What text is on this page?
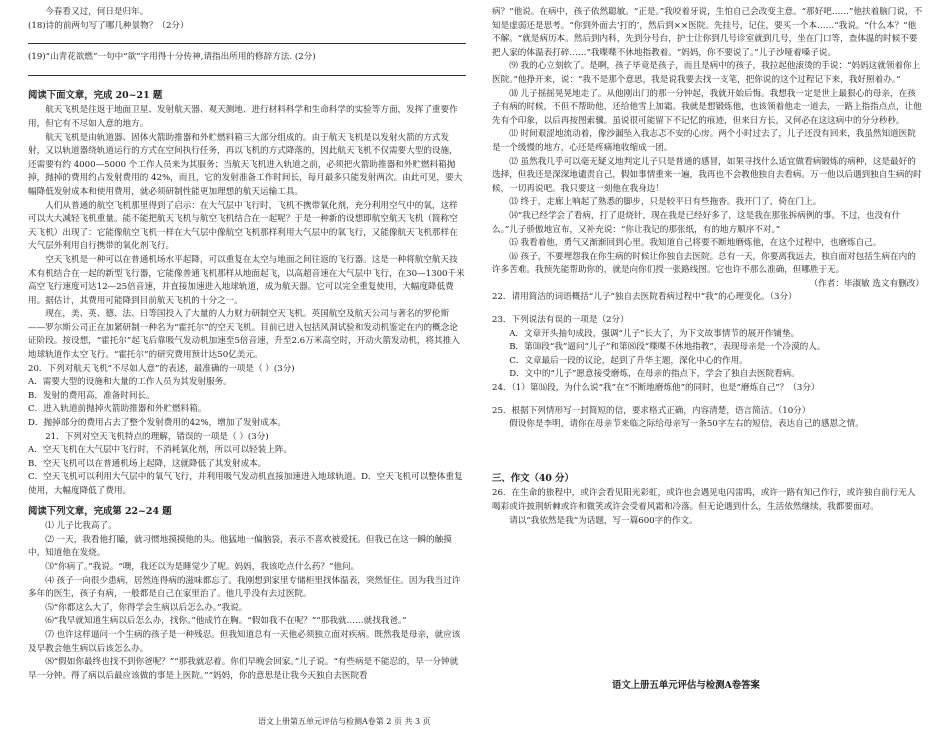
今春看又过，何日是归年。

(18)诗的前两句写了哪几种景物？（2分）

(19)“山青花欲燃”一句中“欲”字用得十分传神,请指出所用的修辞方法. (2分)

阅读下面文章，完成 20~21 题

航天飞机是往返于地面卫星、发射航天器、观天测地、进行材料科学和生命科学的实验等方面，发挥了重要作用，但它有不尽如人意的地方。

航天飞机是由轨道器、固体火箭助推器和外贮燃料箱三大部分组成的。由于航天飞机是以发射火箭的方式发射，又以轨道器绕轨道运行的方式在空间执行任务，再以飞机的方式降落的，因此航天飞机不仅需要大型的设施，还需要有约 4000—5000 个工作人员来为其服务；当航天飞机进入轨道之前，必须把火箭助推器和外贮燃料箱抛掉，抛掉的费用约占发射费用的 42%，而且，它的发射准备工作时间长，每月最多只能发射两次。由此可见，要大幅降低发射成本和使用费用，就必须研制性能更加理想的航天运输工具。

人们从普通的航空飞机那里得到了启示：在大气层中飞行时，飞机不携带氧化剂，充分利用空气中的氧，这样可以大大减轻飞机重量。能不能把航天飞机与航空飞机结合在一起呢？于是一种新的设想即航空航天飞机（简称空天飞机）出现了：它能像航空飞机一样在大气层中像航空飞机那样利用大气层中的氧飞行，又能像航天飞机那样在大气层外利用自行携带的氧化剂飞行。

空天飞机是一种可以在普通机场水平起降，可以重复在太空与地面之间往返的飞行器。这是一种将航空航天技术有机结合在一起的新型飞行器，它能像普通飞机那样从地面起飞，以高超音速在大气层中飞行，在30—1300千米高空飞行速度可达12—25倍音速，并直接加速进入地球轨道，成为航天器。它可以完全重复使用，大幅度降低费用。据估计，其费用可能降到目前航天飞机的十分之一。

现在，美、英、德、法、日等国投入了大量的人力财力研制空天飞机。英国航空及航天公司与著名的罗伦斯——罗尔斯公司正在加紧研制一种名为“霍托尔”的空天飞机。目前已进入包括风洞试验和发动机鉴定在内的概念论证阶段。按设想，“霍托尔”起飞后靠吸气发动机加速至5倍音速，升至2.6万米高空时，开动火箭发动机，将其推入地球轨道作太空飞行。“霍托尔”的研究费用预计达50亿美元。

20．下列对航天飞机“不尽如人意”的表述，最准确的一项是（ ）(3分)

A．需要大型的设施和大量的工作人员为其发射服务。

B．发射的费用高，准备时间长。

C．进入轨道前抛掉火箭助推器和外贮燃料箱。

D．抛掉部分的费用占去了整个发射费用的42%，增加了发射成本。

21．下列对空天飞机特点的理解，错误的一项是（ ）(3分)

A．空天飞机在大气层中飞行时，不消耗氧化剂，所以可以轻装上阵。

B．空天飞机可以在普通机场上起降，这就降低了其发射成本。

C．空天飞机可以利用大气层中的氧气飞行，并利用吸气发动机直接加速进入地球轨道。D．空天飞机可以整体重复使用，大幅度降低了费用。

阅读下列文章，完成第 22~24 题

⑴ 儿子比我高了。

⑵ 一天，我看他打瞌，就习惯地摸摸他的头。他猛地一偏脑袋，表示不喜欢被爱抚。但我已在这一瞬的触摸中，知道他在发烧。

⑶“你病了。”我说。“噢，我还以为是睡觉少了呢。妈妈，我该吃点什么药？”他问。

⑷ 孩子一向很少患病，居然连得病的滋味都忘了。我刚想到家里专储柜里找体温表，突然怔住。因为我当过许多年的医生，孩子有病，一般都是自己在家里治了。他几乎没有去过医院。

⑸“你都这么大了，你得学会生病以后怎么办。”我说。

⑹“我早就知道生病以后怎么办，找你。”他成竹在胸。“假如我不在呢？”“那我就……就找我爸。”

⑺ 也许这样逼问一个生病的孩子是一种残忍。但我知道总有一天他必须独立面对疾病。既然我是母亲，就应该及早教会他生病以后该怎么办。

⑻“假如你最终也找不到你爸呢？”“那我就忍着。你们早晚会回家。”儿子说。“有些病是不能忍的，早一分钟就早一分钟。得了病以后最应该做的事是上医院。”“妈妈，你的意思是让我今天独自去医院看

病？”他说。在病中，孩子依然聪敏。“正是。”我咬着牙说，生怕自己会改变主意。“那好吧……”他扶着脑门说，不知是虚弱还是思考。“你到外面去‘打的’，然后到××医院。先挂号，记住，要买一个本……”我说。“什么本？”他不解。“就是病历本。然后到内科，先到分号台，护士让你到几号诊室就到几号，坐在门口等，查体温的时候不要把人家的体温表打碎……”我喋喋不休地指教着。“妈妈，你不要说了。”儿子沙哑着嗓子说。

⑼ 我的心立刻软了。是啊，孩子毕竟是孩子，而且是病中的孩子，我拉起他滚烫的手说：“妈妈这就领着你上医院。”他挣开来，说：“我不是那个意思，我是说我要去找一支笔，把你说的这个过程记下来，我好照着办。”

⑽ 儿子摇摇晃晃地走了。从他刚出门的那一分钟起，我就开始后悔。我想我一定是世上最狠心的母亲，在孩子有病的时候，不但不帮助他，还给他雪上加霜。我就是想锻炼他，也该领着他走一道去，一路上指指点点，让他先有个印象，以后再按图索骥。虽说很可能留下不记忆的痕迹，但来日方长，又何必在这这病中的分分秒秒。

⑾ 时间艰涩地流动着，像沙漏坠入我志忑不安的心房。两个小时过去了，儿子还没有回来，我虽然知道医院是一个缓慢的地方，心还是疼痛地收缩成一团。

⑿ 虽然我几乎可以毫无疑义地判定儿子只是普通的感冒，如果寻找什么适宜做看病锻炼的病种，这是最好的选择，但我还是深深地谴责自己，假如事情重来一遍，我再也不会教他独自去看病。万一他以后遇到独自生病的时候，一切再说吧。我只要这一刻他在我身边！

⒀ 终于，走廊上响起了熟悉的脚步，只是较平日有些拖沓。我开门了，倚在门上。

⒁“我已经学会了看病，打了退烧针，现在我是已经好多了，这是我在那张拆病例的事。不过，也没有什么。”儿子骄傲地宣布，又补充说：“你让我记的那张纸，有的地方顺序不对。”

⒂ 我看着他，勇气又渐渐回到心里。我知道自己将要不断地磨炼他，在这个过程中，也磨炼自己。

⒃ 孩子，不要埋怨我在你生病的时候让你独自去医院。总有一天，你要离我远去，独自面对包括生病在内的许多苦难。我预先能帮助你的，就是向你们授一张路线图。它也许不那么准确，但哪胜于无。

（作者：毕淑敏 选文有删改）

22．请用简洁的词语概括“儿子”独自去医院看病过程中“我”的心理变化。（3分）

23．下列说法有误的一项是（2分）

A．文章开头抽句成段，强调“儿子”长大了，为下文故事情节的展开作铺垫。

B．第⑽段“我”逼问“儿子”和第⑻段“喋喋不休地指教”，表现母亲是一个冷漠的人。

C．文章最后一段的议论，起到了升华主题，深化中心的作用。

D．文中的“儿子”愿意接受磨炼，在母亲的指点下，学会了独自去医院看病。

24．（1）第⒃段，为什么说“我”在“不断地磨炼他”的同时，也是“磨炼自己”？（3分）

25．根据下列情形写一封简短的信，要求格式正确，内容清楚，语言简洁。（10分）

假设你是李明，请你在母亲节来临之际给母亲写一条50字左右的短信，表达自己的感恩之情。

三、作文（40 分）

26．在生命的旅程中，或许会看见阳光彩虹，或许也会遇见电闪雷鸣，或许一路有知己作行，或许独自前行无人喝彩或许披荆斩棘或许和微笑或许会受着风霜和冷落。但无论遇到什么，生活依然继续，我都要面对。

请以“我依然是我”为话题，写一篇600字的作文。

语文上册五单元评估与检测A卷答案
语文上册第五单元评估与检测A卷第 2 页 共 3 页
